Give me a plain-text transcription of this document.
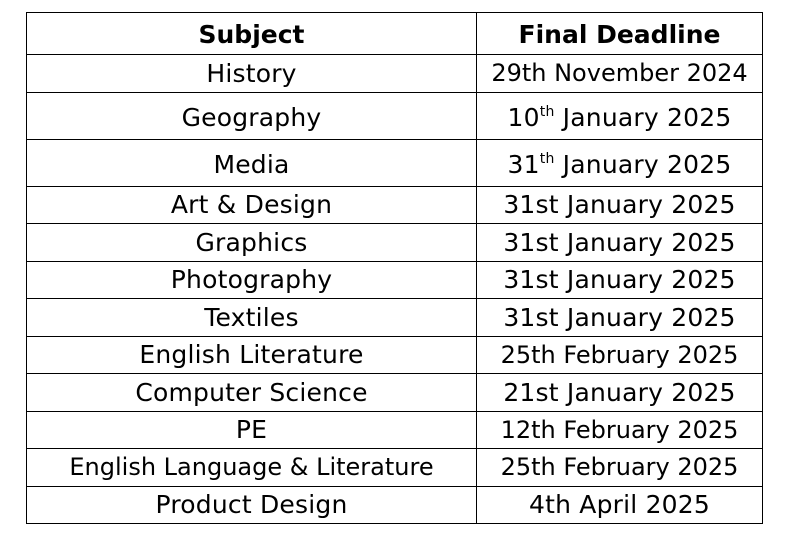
Subject	Final Deadline
History	29th November 2024
Geography	10th January 2025
Media	31th January 2025
Art & Design	31st January 2025
Graphics	31st January 2025
Photography	31st January 2025
Textiles	31st January 2025
English Literature	25th February 2025
Computer Science	21st January 2025
PE	12th February 2025
English Language & Literature	25th February 2025
Product Design	4th April 2025
